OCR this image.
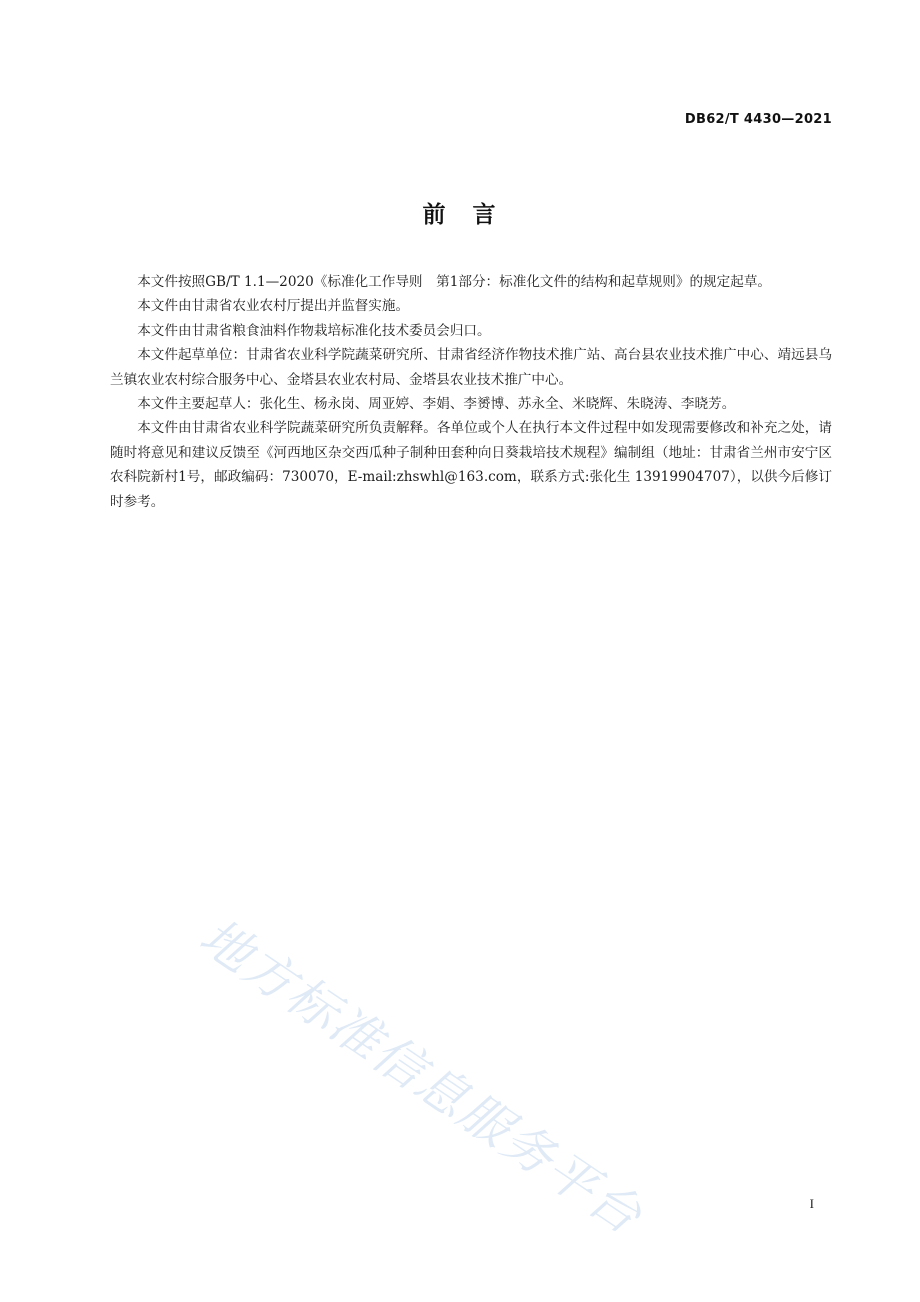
DB62/T 4430—2021
前　言

本文件按照GB/T 1.1—2020《标准化工作导则　第1部分：标准化文件的结构和起草规则》的规定起草。

本文件由甘肃省农业农村厅提出并监督实施。

本文件由甘肃省粮食油料作物栽培标准化技术委员会归口。

本文件起草单位：甘肃省农业科学院蔬菜研究所、甘肃省经济作物技术推广站、高台县农业技术推广中心、靖远县乌兰镇农业农村综合服务中心、金塔县农业农村局、金塔县农业技术推广中心。

本文件主要起草人：张化生、杨永岗、周亚婷、李娟、李赟博、苏永全、米晓辉、朱晓涛、李晓芳。

本文件由甘肃省农业科学院蔬菜研究所负责解释。各单位或个人在执行本文件过程中如发现需要修改和补充之处，请随时将意见和建议反馈至《河西地区杂交西瓜种子制种田套种向日葵栽培技术规程》编制组（地址：甘肃省兰州市安宁区农科院新村1号，邮政编码：730070，E-mail:zhswhl@163.com，联系方式:张化生 13919904707），以供今后修订时参考。

地方标准信息服务平台	I
